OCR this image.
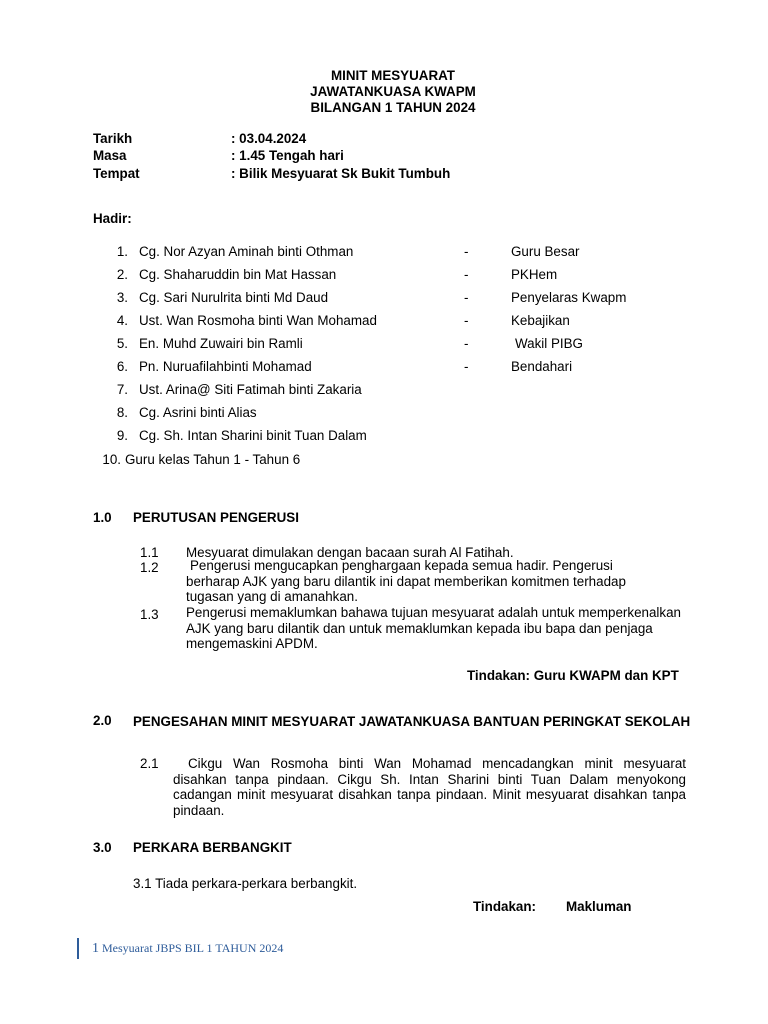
MINIT MESYUARAT
JAWATANKUASA KWAPM
BILANGAN 1 TAHUN 2024
Tarikh	: 03.04.2024
Masa	: 1.45 Tengah hari
Tempat	: Bilik Mesyuarat Sk Bukit Tumbuh
Hadir:
1. Cg. Nor Azyan Aminah binti Othman	-	Guru Besar
2. Cg. Shaharuddin bin Mat Hassan	-	PKHem
3. Cg. Sari Nurulrita binti Md Daud	-	Penyelaras Kwapm
4. Ust. Wan Rosmoha binti Wan Mohamad	-	Kebajikan
5. En. Muhd Zuwairi bin Ramli	-	Wakil PIBG
6. Pn. Nuruafilahbinti Mohamad	-	Bendahari
7. Ust. Arina@ Siti Fatimah binti Zakaria
8. Cg. Asrini binti Alias
9. Cg. Sh. Intan Sharini binit Tuan Dalam
10. Guru kelas Tahun 1 - Tahun 6
1.0 PERUTUSAN PENGERUSI
1.1 Mesyuarat dimulakan dengan bacaan surah Al Fatihah.
1.2 Pengerusi mengucapkan penghargaan kepada semua hadir. Pengerusi berharap AJK yang baru dilantik ini dapat memberikan komitmen terhadap tugasan yang di amanahkan.
1.3 Pengerusi memaklumkan bahawa tujuan mesyuarat adalah untuk memperkenalkan AJK yang baru dilantik dan untuk memaklumkan kepada ibu bapa dan penjaga mengemaskini APDM.
Tindakan: Guru KWAPM dan KPT
2.0 PENGESAHAN MINIT MESYUARAT JAWATANKUASA BANTUAN PERINGKAT SEKOLAH
2.1	Cikgu Wan Rosmoha binti Wan Mohamad mencadangkan minit mesyuarat disahkan tanpa pindaan. Cikgu Sh. Intan Sharini binti Tuan Dalam menyokong cadangan minit mesyuarat disahkan tanpa pindaan. Minit mesyuarat disahkan tanpa pindaan.
3.0 PERKARA BERBANGKIT
3.1 Tiada perkara-perkara berbangkit.
Tindakan: Makluman
1 Mesyuarat JBPS BIL 1 TAHUN 2024
